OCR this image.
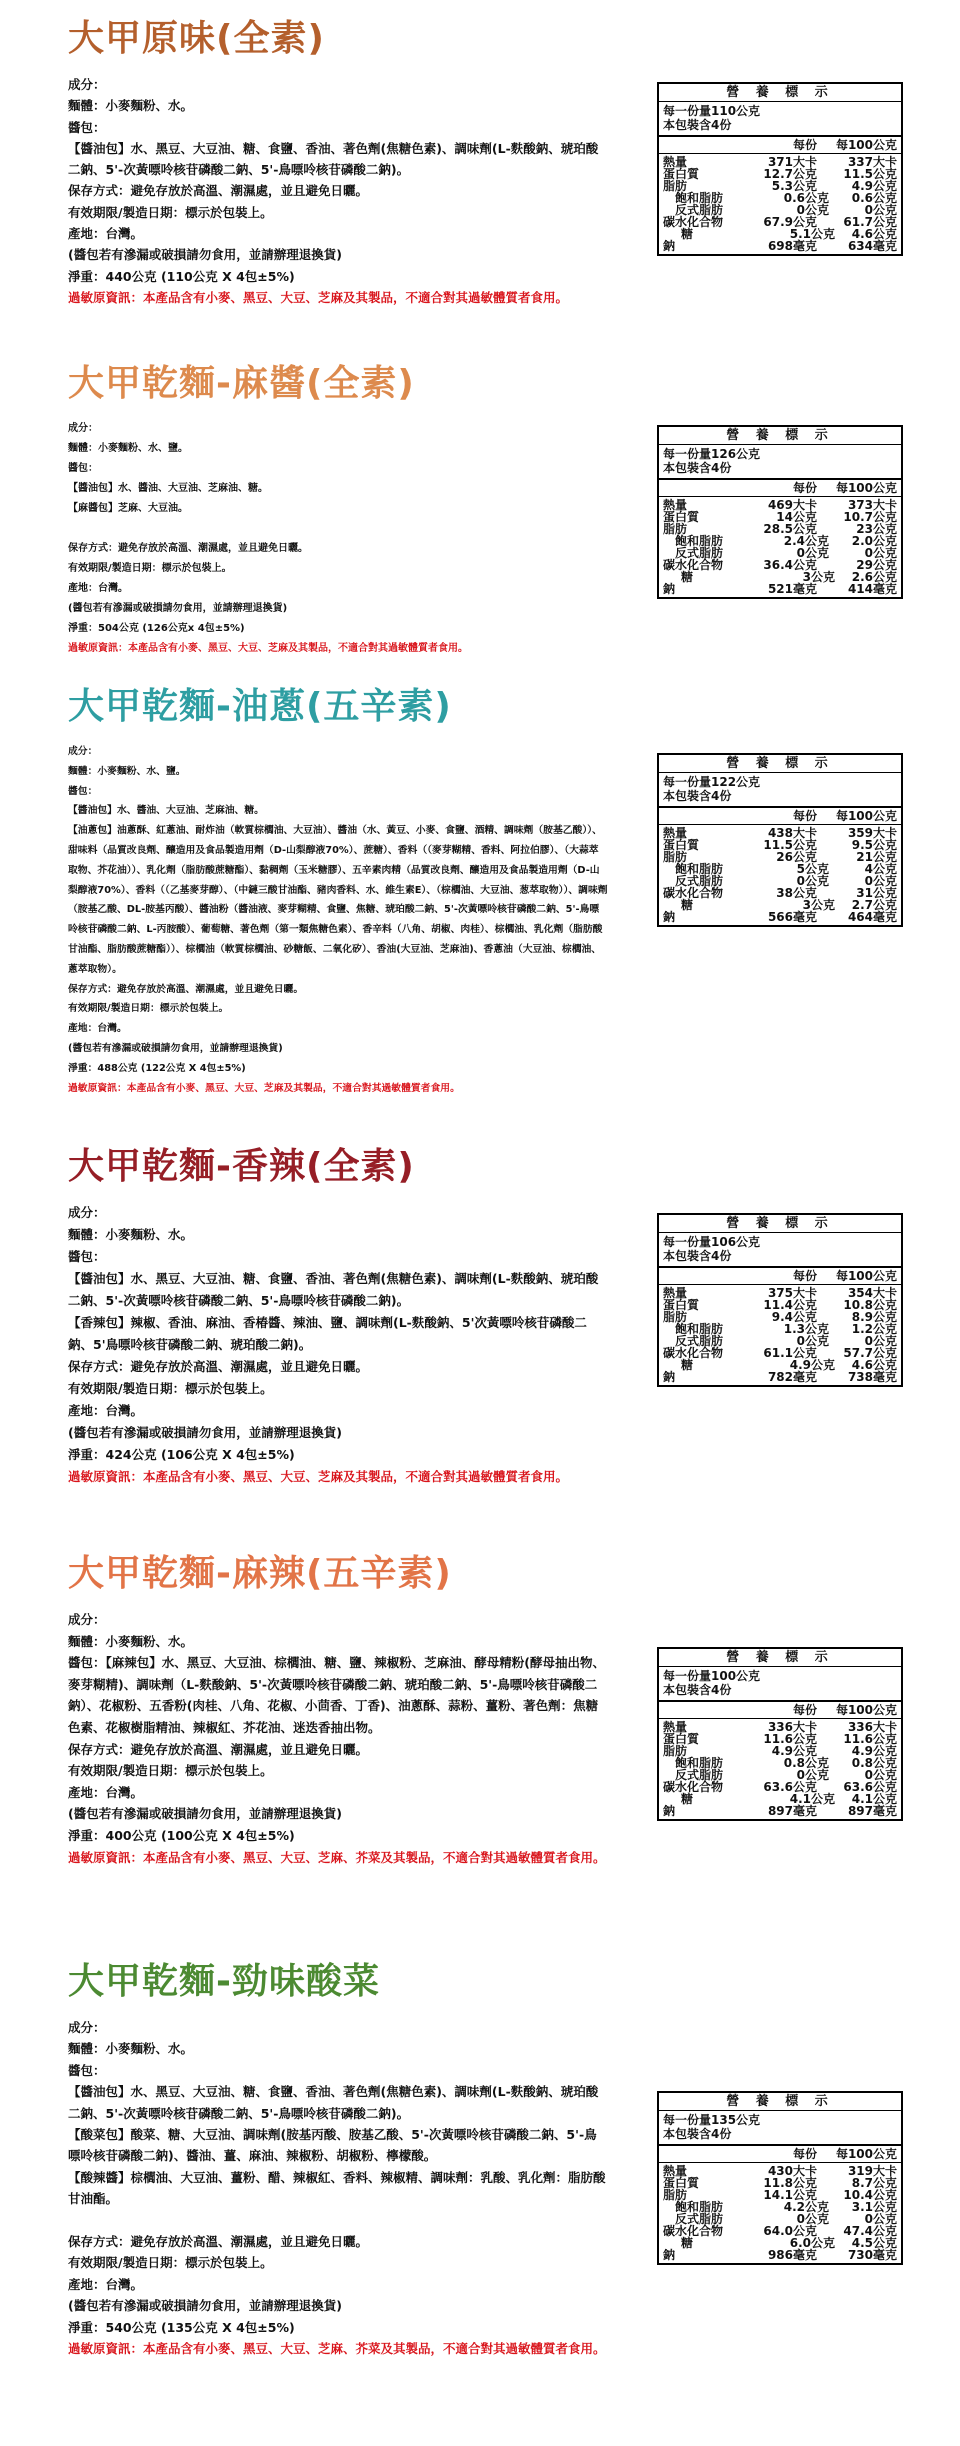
大甲原味(全素)
成分：
麵體：小麥麵粉、水。
醬包：
【醬油包】水、黑豆、大豆油、糖、食鹽、香油、著色劑(焦糖色素)、調味劑(L-麩酸鈉、琥珀酸二鈉、5'-次黃嘌呤核苷磷酸二鈉、5'-鳥嘌呤核苷磷酸二鈉)。
保存方式：避免存放於高溫、潮濕處，並且避免日曬。
有效期限/製造日期：標示於包裝上。
產地：台灣。
(醬包若有滲漏或破損請勿食用，並請辦理退換貨)
淨重：440公克 (110公克 X 4包±5%)
過敏原資訊：本產品含有小麥、黑豆、大豆、芝麻及其製品，不適合對其過敏體質者食用。
營 養 標 示
每一份量110公克
本包裝含4份
每份	每100公克
熱量	371大卡	337大卡
蛋白質	12.7公克	11.5公克
脂肪	5.3公克	4.9公克
飽和脂肪	0.6公克	0.6公克
反式脂肪	0公克	0公克
碳水化合物	67.9公克	61.7公克
糖	5.1公克	4.6公克
鈉	698毫克	634毫克
大甲乾麵-麻醬(全素)
成分：
麵體：小麥麵粉、水、鹽。
醬包：
【醬油包】水、醬油、大豆油、芝麻油、糖。
【麻醬包】芝麻、大豆油。
保存方式：避免存放於高溫、潮濕處，並且避免日曬。
有效期限/製造日期：標示於包裝上。
產地：台灣。
(醬包若有滲漏或破損請勿食用，並請辦理退換貨)
淨重：504公克 (126公克x 4包±5%)
過敏原資訊：本產品含有小麥、黑豆、大豆、芝麻及其製品，不適合對其過敏體質者食用。
營 養 標 示
每一份量126公克
本包裝含4份
每份	每100公克
熱量	469大卡	373大卡
蛋白質	14公克	10.7公克
脂肪	28.5公克	23公克
飽和脂肪	2.4公克	2.0公克
反式脂肪	0公克	0公克
碳水化合物	36.4公克	29公克
糖	3公克	2.6公克
鈉	521毫克	414毫克
大甲乾麵-油蔥(五辛素)
成分：
麵體：小麥麵粉、水、鹽。
醬包：
【醬油包】水、醬油、大豆油、芝麻油、糖。
【油蔥包】油蔥酥、紅蔥油、耐炸油（軟質棕櫚油、大豆油）、醬油（水、黃豆、小麥、食鹽、酒精、調味劑（胺基乙酸））、甜味料（品質改良劑、釀造用及食品製造用劑（D-山梨醇液70%）、蔗糖）、香料（（麥芽糊精、香料、阿拉伯膠）、（大蒜萃取物、芥花油））、乳化劑（脂肪酸蔗糖酯）、黏稠劑（玉米糖膠）、五辛素肉精（品質改良劑、釀造用及食品製造用劑（D-山梨醇液70%）、香料（（乙基麥芽醇）、（中鏈三酸甘油酯、豬肉香料、水、維生素E）、（棕櫚油、大豆油、葱萃取物））、調味劑（胺基乙酸、DL-胺基丙酸）、醬油粉（醬油液、麥芽糊精、食鹽、焦糖、琥珀酸二鈉、5'-次黃嘌呤核苷磷酸二鈉、5'-鳥嘌呤核苷磷酸二鈉、L-丙胺酸）、葡萄糖、著色劑（第一類焦糖色素）、香辛料（八角、胡椒、肉桂）、棕櫚油、乳化劑（脂肪酸甘油酯、脂肪酸蔗糖酯））、棕櫚油（軟質棕櫚油、砂糖飯、二氧化矽）、香油(大豆油、芝麻油)、香蔥油（大豆油、棕櫚油、蔥萃取物）。
保存方式：避免存放於高溫、潮濕處，並且避免日曬。
有效期限/製造日期：標示於包裝上。
產地：台灣。
(醬包若有滲漏或破損請勿食用，並請辦理退換貨)
淨重：488公克 (122公克 X 4包±5%)
過敏原資訊：本產品含有小麥、黑豆、大豆、芝麻及其製品，不適合對其過敏體質者食用。
營 養 標 示
每一份量122公克
本包裝含4份
每份	每100公克
熱量	438大卡	359大卡
蛋白質	11.5公克	9.5公克
脂肪	26公克	21公克
飽和脂肪	5公克	4公克
反式脂肪	0公克	0公克
碳水化合物	38公克	31公克
糖	3公克	2.7公克
鈉	566毫克	464毫克
大甲乾麵-香辣(全素)
成分：
麵體：小麥麵粉、水。
醬包：
【醬油包】水、黑豆、大豆油、糖、食鹽、香油、著色劑(焦糖色素)、調味劑(L-麩酸鈉、琥珀酸二鈉、5'-次黃嘌呤核苷磷酸二鈉、5'-鳥嘌呤核苷磷酸二鈉)。
【香辣包】辣椒、香油、麻油、香椿醬、辣油、鹽、調味劑(L-麩酸鈉、5'次黃嘌呤核苷磷酸二鈉、5'鳥嘌呤核苷磷酸二鈉、琥珀酸二鈉)。
保存方式：避免存放於高溫、潮濕處，並且避免日曬。
有效期限/製造日期：標示於包裝上。
產地：台灣。
(醬包若有滲漏或破損請勿食用，並請辦理退換貨)
淨重：424公克 (106公克 X 4包±5%)
過敏原資訊：本產品含有小麥、黑豆、大豆、芝麻及其製品，不適合對其過敏體質者食用。
營 養 標 示
每一份量106公克
本包裝含4份
每份	每100公克
熱量	375大卡	354大卡
蛋白質	11.4公克	10.8公克
脂肪	9.4公克	8.9公克
飽和脂肪	1.3公克	1.2公克
反式脂肪	0公克	0公克
碳水化合物	61.1公克	57.7公克
糖	4.9公克	4.6公克
鈉	782毫克	738毫克
大甲乾麵-麻辣(五辛素)
成分：
麵體：小麥麵粉、水。
醬包：【麻辣包】水、黑豆、大豆油、棕櫚油、糖、鹽、辣椒粉、芝麻油、酵母精粉(酵母抽出物、麥芽糊精)、調味劑（L-麩酸鈉、5'-次黃嘌呤核苷磷酸二鈉、琥珀酸二鈉、5'-鳥嘌呤核苷磷酸二鈉）、花椒粉、五香粉(肉桂、八角、花椒、小茴香、丁香)、油蔥酥、蒜粉、薑粉、著色劑：焦糖色素、花椒樹脂精油、辣椒紅、芥花油、迷迭香抽出物。
保存方式：避免存放於高溫、潮濕處，並且避免日曬。
有效期限/製造日期：標示於包裝上。
產地：台灣。
(醬包若有滲漏或破損請勿食用，並請辦理退換貨)
淨重：400公克 (100公克 X 4包±5%)
過敏原資訊：本產品含有小麥、黑豆、大豆、芝麻、芥菜及其製品，不適合對其過敏體質者食用。
營 養 標 示
每一份量100公克
本包裝含4份
每份	每100公克
熱量	336大卡	336大卡
蛋白質	11.6公克	11.6公克
脂肪	4.9公克	4.9公克
飽和脂肪	0.8公克	0.8公克
反式脂肪	0公克	0公克
碳水化合物	63.6公克	63.6公克
糖	4.1公克	4.1公克
鈉	897毫克	897毫克
大甲乾麵-勁味酸菜
成分：
麵體：小麥麵粉、水。
醬包：
【醬油包】水、黑豆、大豆油、糖、食鹽、香油、著色劑(焦糖色素)、調味劑(L-麩酸鈉、琥珀酸二鈉、5'-次黃嘌呤核苷磷酸二鈉、5'-鳥嘌呤核苷磷酸二鈉)。
【酸菜包】酸菜、糖、大豆油、調味劑(胺基丙酸、胺基乙酸、5'-次黃嘌呤核苷磷酸二鈉、5'-鳥嘌呤核苷磷酸二鈉)、醬油、薑、麻油、辣椒粉、胡椒粉、檸檬酸。
【酸辣醬】棕櫚油、大豆油、薑粉、醋、辣椒紅、香料、辣椒精、調味劑：乳酸、乳化劑：脂肪酸甘油酯。
保存方式：避免存放於高溫、潮濕處，並且避免日曬。
有效期限/製造日期：標示於包裝上。
產地：台灣。
(醬包若有滲漏或破損請勿食用，並請辦理退換貨)
淨重：540公克 (135公克 X 4包±5%)
過敏原資訊：本產品含有小麥、黑豆、大豆、芝麻、芥菜及其製品，不適合對其過敏體質者食用。
營 養 標 示
每一份量135公克
本包裝含4份
每份	每100公克
熱量	430大卡	319大卡
蛋白質	11.8公克	8.7公克
脂肪	14.1公克	10.4公克
飽和脂肪	4.2公克	3.1公克
反式脂肪	0公克	0公克
碳水化合物	64.0公克	47.4公克
糖	6.0公克	4.5公克
鈉	986毫克	730毫克
